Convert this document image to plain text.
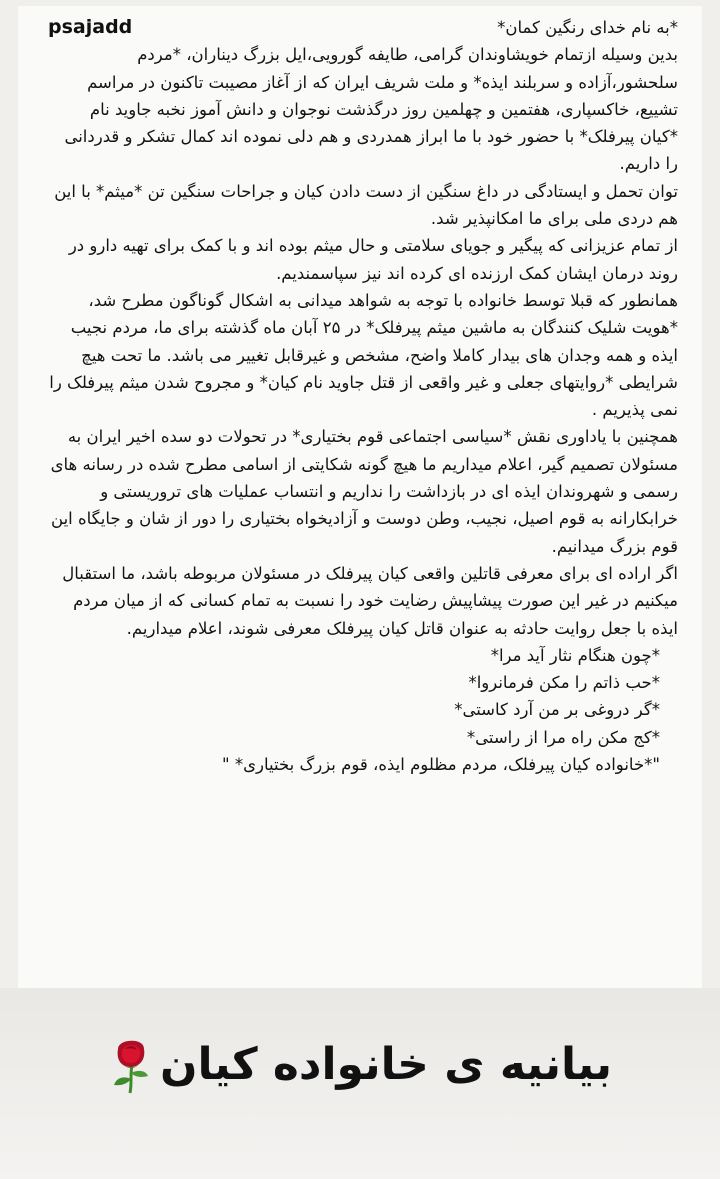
*به نام خدای رنگین کمان*

بدین وسیله ازتمام خویشاوندان گرامی، طایفه گورویی،ایل بزرگ دیناران، *مردم سلحشور،آزاده و سربلند ایذه* و ملت شریف ایران که از آغاز مصیبت تاکنون در مراسم تشییع، خاکسپاری، هفتمین و چهلمین روز درگذشت نوجوان و دانش آموز نخبه جاوید نام *کیان پیرفلک* با حضور خود با ما ابراز همدردی و هم دلی نموده اند کمال تشکر و قدردانی را داریم.

توان تحمل و ایستادگی در داغ سنگین از دست دادن کیان و جراحات سنگین تن *میثم* با این هم دردی ملی برای ما امکانپذیر شد.

از تمام عزیزانی که پیگیر و جویای سلامتی و حال میثم بوده اند و با کمک برای تهیه دارو در روند درمان ایشان کمک ارزنده ای کرده اند نیز سپاسمندیم.

همانطور که قبلا توسط خانواده با توجه به شواهد میدانی به اشکال گوناگون مطرح شد، *هویت شلیک کنندگان به ماشین میثم پیرفلک* در ۲۵ آبان ماه گذشته برای ما، مردم نجیب ایذه و همه وجدان های بیدار کاملا واضح، مشخص و غیرقابل تغییر می باشد. ما تحت هیچ شرایطی *روایتهای جعلی و غیر واقعی از قتل جاوید نام کیان* و مجروح شدن میثم پیرفلک را نمی پذیریم .

همچنین با یاداوری نقش *سیاسی اجتماعی قوم بختیاری* در تحولات دو سده اخیر ایران به مسئولان تصمیم گیر، اعلام میداریم ما هیچ گونه شکایتی از اسامی مطرح شده در رسانه های رسمی و شهروندان ایذه ای در بازداشت را نداریم و انتساب عملیات های تروریستی و خرابکارانه به قوم اصیل، نجیب، وطن دوست و آزادیخواه بختیاری را دور از شان و جایگاه این قوم بزرگ میدانیم.

اگر اراده ای برای معرفی قاتلین واقعی کیان پیرفلک در مسئولان مربوطه باشد، ما استقبال میکنیم در غیر این صورت پیشاپیش رضایت خود را نسبت به تمام کسانی که از میان مردم ایذه با جعل روایت حادثه به عنوان قاتل کیان پیرفلک معرفی شوند، اعلام میداریم.

*چون هنگام نثار آید مرا*

*حب ذاتم را مکن فرمانروا*

*گر دروغی بر من آرد کاستی*

*کج مکن راه مرا از راستی*

"*خانواده کیان پیرفلک، مردم مظلوم ایذه، قوم بزرگ بختیاری* "

psajadd
بیانیه ی خانواده کیان
